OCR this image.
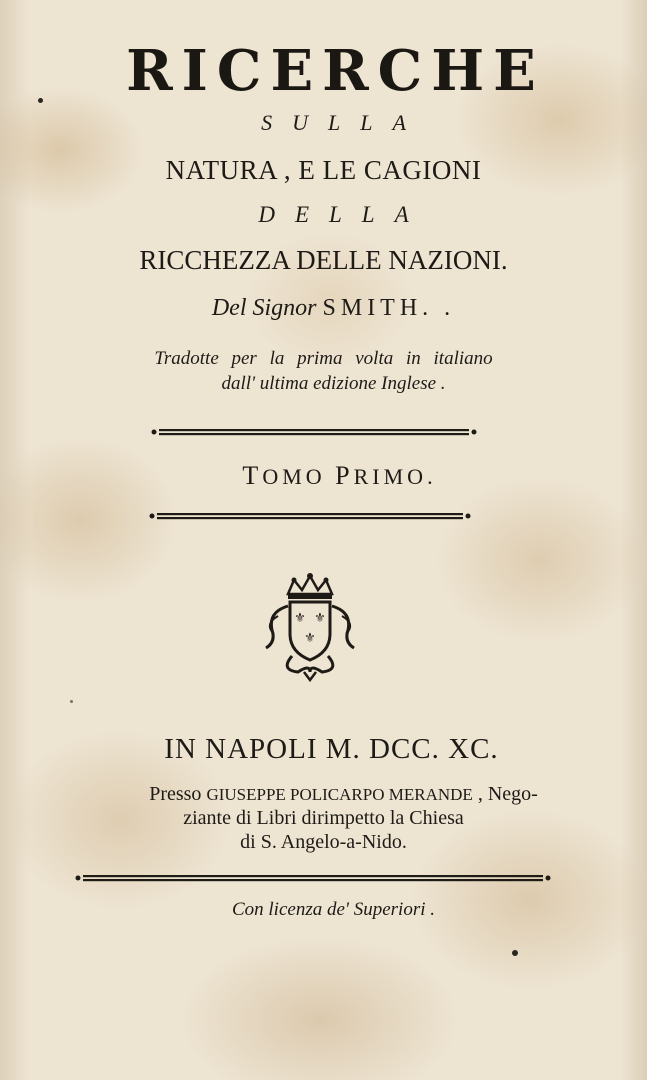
RICERCHE
SULLA
NATURA , E LE CAGIONI
DELLA
RICCHEZZA DELLE NAZIONI.
Del Signor SMITH. .
Tradotte per la prima volta in italiano
dall' ultima edizione Inglese .
TOMO PRIMO.
⚜ ⚜
⚜
IN NAPOLI M. DCC. XC.
Presso GIUSEPPE POLICARPO MERANDE , Nego-
ziante di Libri dirimpetto la Chiesa
di S. Angelo-a-Nido.
Con licenza de' Superiori .
